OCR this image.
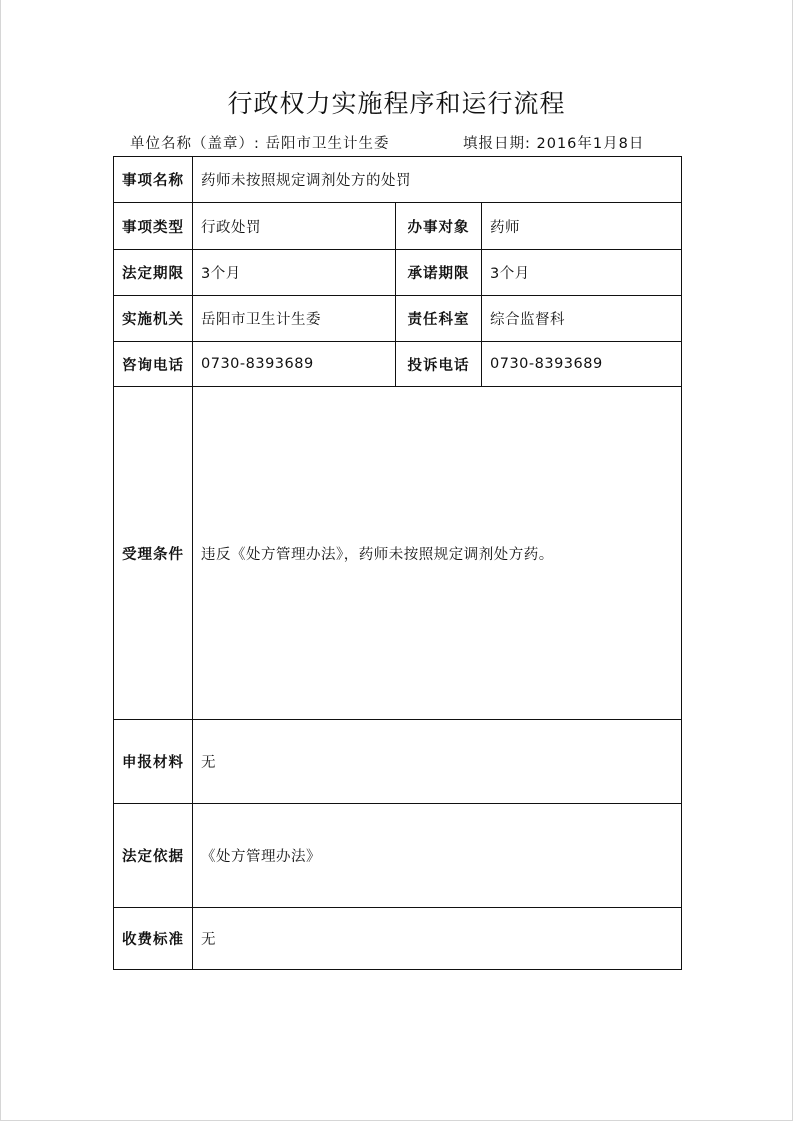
行政权力实施程序和运行流程
单位名称（盖章）: 岳阳市卫生计生委	填报日期: 2016年1月8日
事项名称	药师未按照规定调剂处方的处罚		
事项类型	行政处罚	办事对象	药师
法定期限	3个月	承诺期限	3个月
实施机关	岳阳市卫生计生委	责任科室	综合监督科
咨询电话	0730-8393689	投诉电话	0730-8393689
受理条件	违反《处方管理办法》，药师未按照规定调剂处方药。		
申报材料	无		
法定依据	《处方管理办法》		
收费标准	无		
